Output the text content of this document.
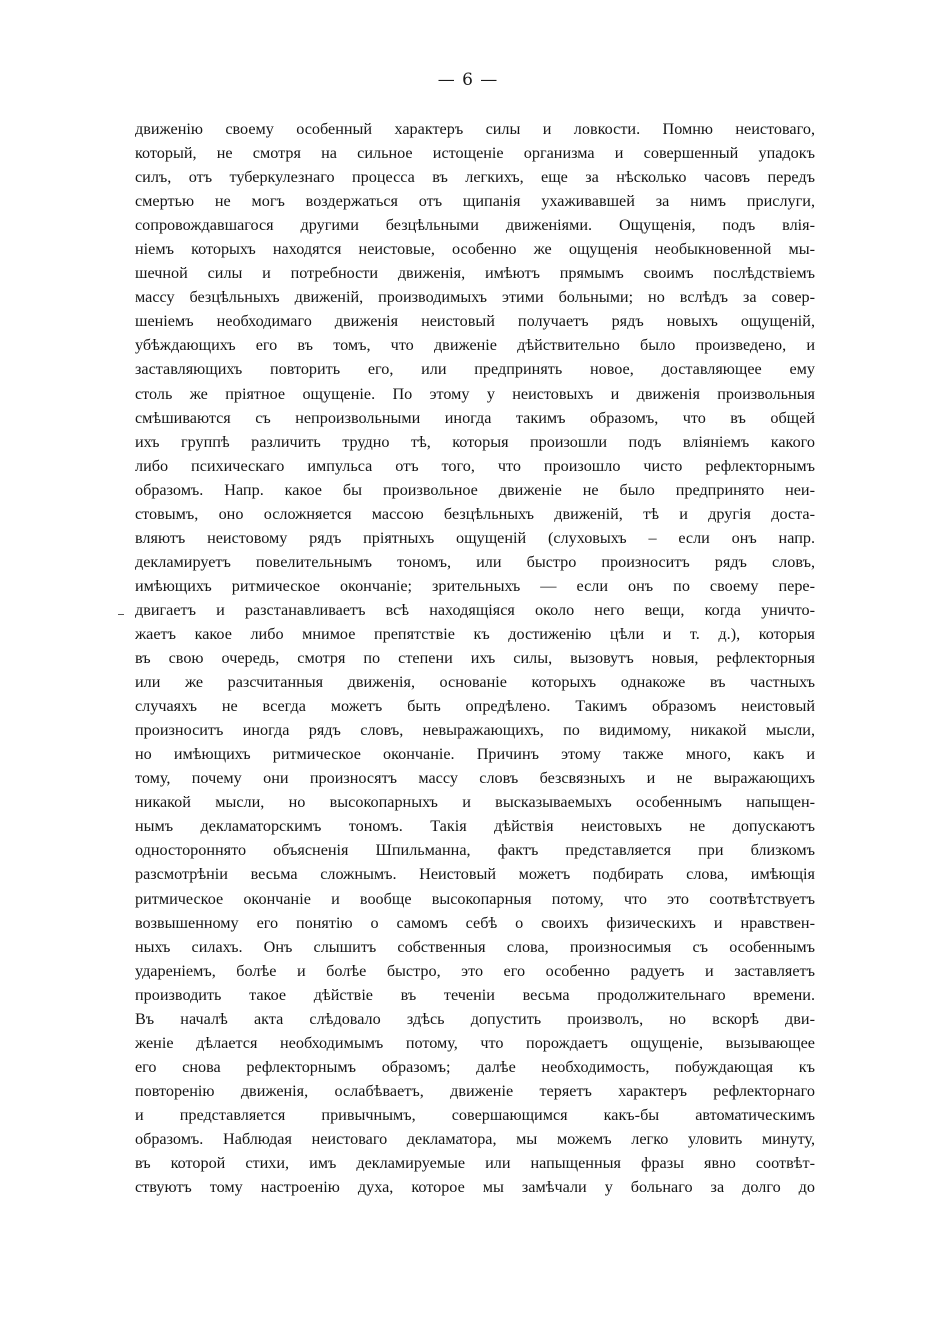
— 6 —
движенію своему особенный характеръ силы и ловкости. Помню неистоваго,
который, не смотря на сильное истощеніе организма и совершенный упадокъ
силъ, отъ туберкулезнаго процесса въ легкихъ, еще за нѣсколько часовъ передъ
смертью не могъ воздержаться отъ щипанія ухаживавшей за нимъ прислуги,
сопровождавшагося другими безцѣльными движеніями. Ощущенія, подъ влія-
ніемъ которыхъ находятся неистовые, особенно же ощущенія необыкновенной мы-
шечной силы и потребности движенія, имѣютъ прямымъ своимъ послѣдствіемъ
массу безцѣльныхъ движеній, производимыхъ этими больными; но вслѣдъ за совер-
шеніемъ необходимаго движенія неистовый получаетъ рядъ новыхъ ощущеній,
убѣждающихъ его въ томъ, что движеніе дѣйствительно было произведено, и
заставляющихъ повторить его, или предпринять новое, доставляющее ему
столь же пріятное ощущеніе. По этому у неистовыхъ и движенія произвольныя
смѣшиваются съ непроизвольными иногда такимъ образомъ, что въ общей
ихъ группѣ различить трудно тѣ, которыя произошли подъ вліяніемъ какого
либо психическаго импульса отъ того, что произошло чисто рефлекторнымъ
образомъ. Напр. какое бы произвольное движеніе не было предпринято неи-
стовымъ, оно осложняется массою безцѣльныхъ движеній, тѣ и другія доста-
вляютъ неистовому рядъ пріятныхъ ощущеній (слуховыхъ – если онъ напр.
декламируетъ повелительнымъ тономъ, или быстро произноситъ рядъ словъ,
имѣющихъ ритмическое окончаніе; зрительныхъ — если онъ по своему пере-
двигаетъ и разстанавливаетъ всѣ находящіяся около него вещи, когда уничто-
жаетъ какое либо мнимое препятствіе къ достиженію цѣли и т. д.), которыя
въ свою очередь, смотря по степени ихъ силы, вызовутъ новыя, рефлекторныя
или же разсчитанныя движенія, основаніе которыхъ однакоже въ частныхъ
случаяхъ не всегда можетъ быть опредѣлено. Такимъ образомъ неистовый
произноситъ иногда рядъ словъ, невыражающихъ, по видимому, никакой мысли,
но имѣющихъ ритмическое окончаніе. Причинъ этому также много, какъ и
тому, почему они произносятъ массу словъ безсвязныхъ и не выражающихъ
никакой мысли, но высокопарныхъ и высказываемыхъ особеннымъ напыщен-
нымъ декламаторскимъ тономъ. Такія дѣйствія неистовыхъ не допускаютъ
одностороннято объясненія Шпильманна, фактъ представляется при близкомъ
разсмотрѣніи весьма сложнымъ. Неистовый можетъ подбирать слова, имѣющія
ритмическое окончаніе и вообще высокопарныя потому, что это соотвѣтствуетъ
возвышенному его понятію о самомъ себѣ о своихъ физическихъ и нравствен-
ныхъ силахъ. Онъ слышитъ собственныя слова, произносимыя съ особеннымъ
удареніемъ, болѣе и болѣе быстро, это его особенно радуетъ и заставляетъ
производить такое дѣйствіе въ теченіи весьма продолжительнаго времени.
Въ началѣ акта слѣдовало здѣсь допустить произволъ, но вскорѣ дви-
женіе дѣлается необходимымъ потому, что порождаетъ ощущеніе, вызывающее
его снова рефлекторнымъ образомъ; далѣе необходимость, побуждающая къ
повторенію движенія, ослабѣваетъ, движеніе теряетъ характеръ рефлекторнаго
и представляется привычнымъ, совершающимся какъ-бы автоматическимъ
образомъ. Наблюдая неистоваго декламатора, мы можемъ легко уловить минуту,
въ которой стихи, имъ декламируемые или напыщенныя фразы явно соотвѣт-
ствуютъ тому настроенію духа, которое мы замѣчали у больнаго за долго до
